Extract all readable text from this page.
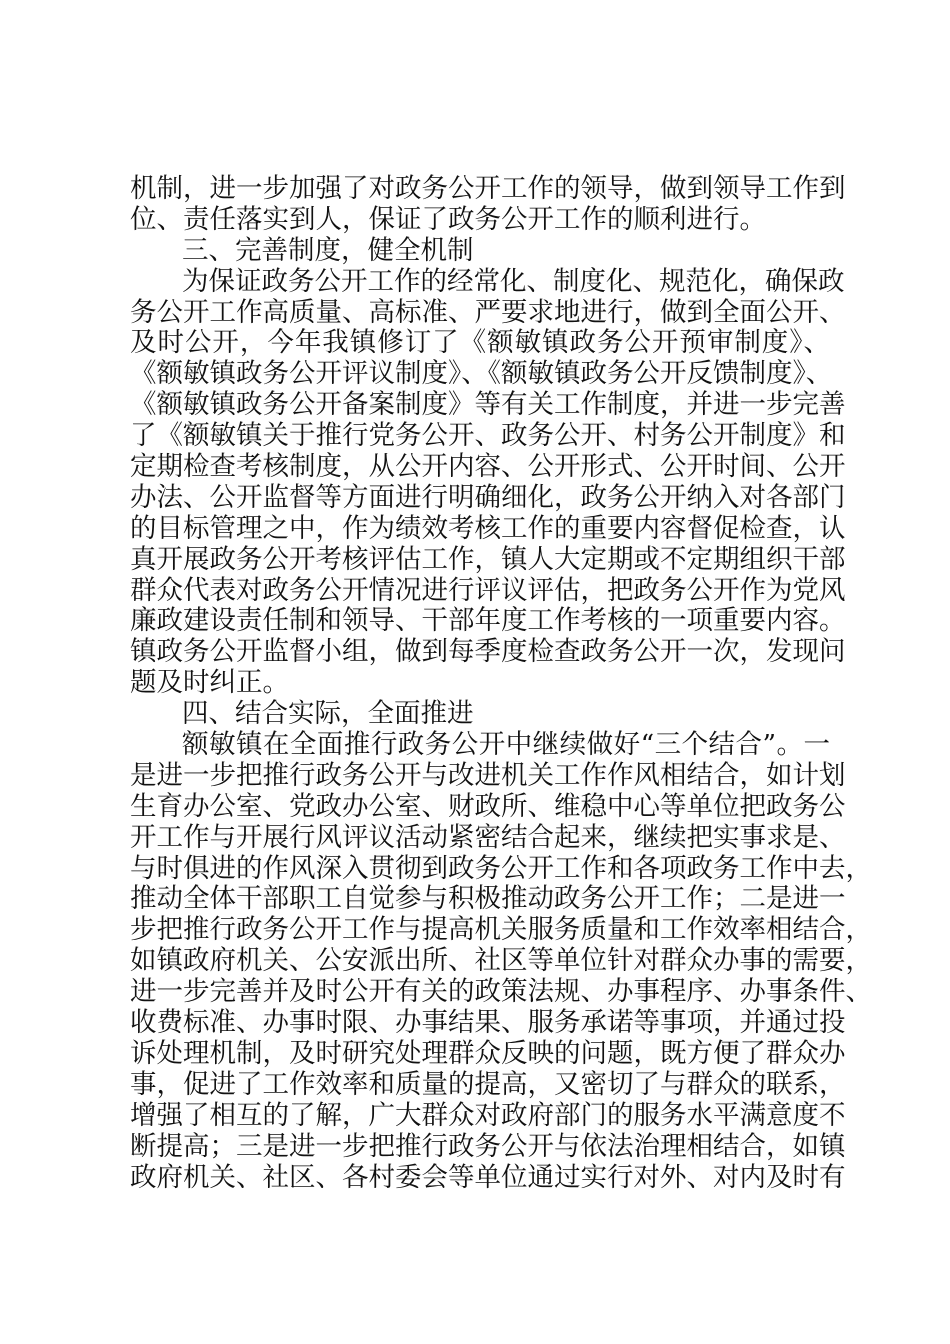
机制，进一步加强了对政务公开工作的领导，做到领导工作到
位、责任落实到人，保证了政务公开工作的顺利进行。
三、完善制度，健全机制
为保证政务公开工作的经常化、制度化、规范化，确保政
务公开工作高质量、高标准、严要求地进行，做到全面公开、
及时公开，今年我镇修订了《额敏镇政务公开预审制度》、
《额敏镇政务公开评议制度》、《额敏镇政务公开反馈制度》、
《额敏镇政务公开备案制度》等有关工作制度，并进一步完善
了《额敏镇关于推行党务公开、政务公开、村务公开制度》和
定期检查考核制度，从公开内容、公开形式、公开时间、公开
办法、公开监督等方面进行明确细化，政务公开纳入对各部门
的目标管理之中，作为绩效考核工作的重要内容督促检查，认
真开展政务公开考核评估工作，镇人大定期或不定期组织干部
群众代表对政务公开情况进行评议评估，把政务公开作为党风
廉政建设责任制和领导、干部年度工作考核的一项重要内容。
镇政务公开监督小组，做到每季度检查政务公开一次，发现问
题及时纠正。
四、结合实际，全面推进
额敏镇在全面推行政务公开中继续做好“三个结合”。一
是进一步把推行政务公开与改进机关工作作风相结合，如计划
生育办公室、党政办公室、财政所、维稳中心等单位把政务公
开工作与开展行风评议活动紧密结合起来，继续把实事求是、
与时俱进的作风深入贯彻到政务公开工作和各项政务工作中去，
推动全体干部职工自觉参与积极推动政务公开工作；二是进一
步把推行政务公开工作与提高机关服务质量和工作效率相结合，
如镇政府机关、公安派出所、社区等单位针对群众办事的需要，
进一步完善并及时公开有关的政策法规、办事程序、办事条件、
收费标准、办事时限、办事结果、服务承诺等事项，并通过投
诉处理机制，及时研究处理群众反映的问题，既方便了群众办
事，促进了工作效率和质量的提高，又密切了与群众的联系，
增强了相互的了解，广大群众对政府部门的服务水平满意度不
断提高；三是进一步把推行政务公开与依法治理相结合，如镇
政府机关、社区、各村委会等单位通过实行对外、对内及时有
